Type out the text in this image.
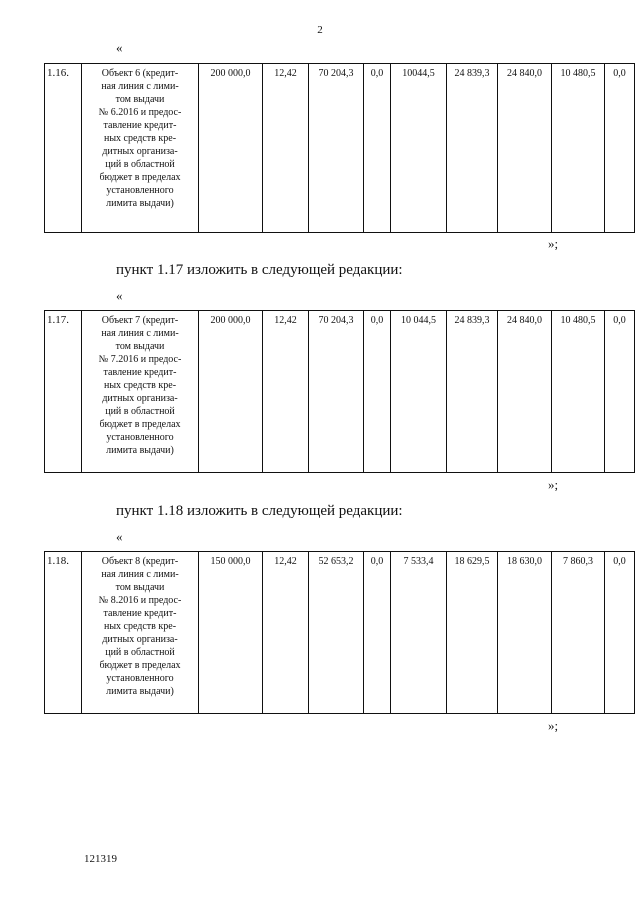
2
«
1.16.	Объект 6 (кредит-
ная линия с лими-
том выдачи
№ 6.2016 и предос-
тавление кредит-
ных средств кре-
дитных организа-
ций в областной
бюджет в пределах
установленного
лимита выдачи)
	200 000,0	12,42	70 204,3	0,0	10044,5	24 839,3	24 840,0	10 480,5	0,0
»;
пункт 1.17 изложить в следующей редакции:
«
1.17.	Объект 7 (кредит-
ная линия с лими-
том выдачи
№ 7.2016 и предос-
тавление кредит-
ных средств кре-
дитных организа-
ций в областной
бюджет в пределах
установленного
лимита выдачи)
	200 000,0	12,42	70 204,3	0,0	10 044,5	24 839,3	24 840,0	10 480,5	0,0
»;
пункт 1.18 изложить в следующей редакции:
«
1.18.	Объект 8 (кредит-
ная линия с лими-
том выдачи
№ 8.2016 и предос-
тавление кредит-
ных средств кре-
дитных организа-
ций в областной
бюджет в пределах
установленного
лимита выдачи)
	150 000,0	12,42	52 653,2	0,0	7 533,4	18 629,5	18 630,0	7 860,3	0,0
»;
121319
